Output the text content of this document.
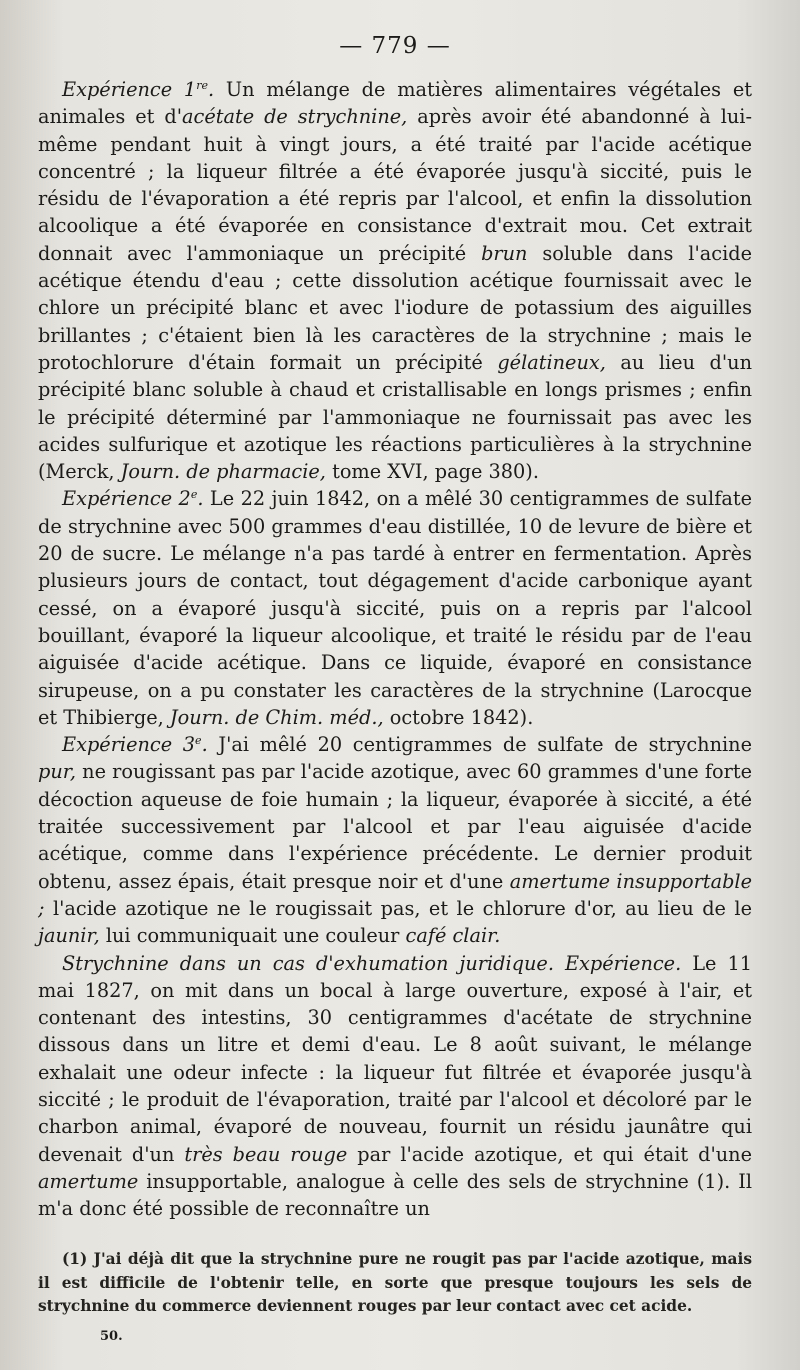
— 779 —

Expérience 1re. Un mélange de matières alimentaires végétales et animales et d'acétate de strychnine, après avoir été abandonné à lui-même pendant huit à vingt jours, a été traité par l'acide acétique concentré ; la liqueur filtrée a été évaporée jusqu'à siccité, puis le résidu de l'évaporation a été repris par l'alcool, et enfin la dissolution alcoolique a été évaporée en consistance d'extrait mou. Cet extrait donnait avec l'ammoniaque un précipité brun soluble dans l'acide acétique étendu d'eau ; cette dissolution acétique fournissait avec le chlore un précipité blanc et avec l'iodure de potassium des aiguilles brillantes ; c'étaient bien là les caractères de la strychnine ; mais le protochlorure d'étain formait un précipité gélatineux, au lieu d'un précipité blanc soluble à chaud et cristallisable en longs prismes ; enfin le précipité déterminé par l'ammoniaque ne fournissait pas avec les acides sulfurique et azotique les réactions particulières à la strychnine (Merck, Journ. de pharmacie, tome XVI, page 380).

Expérience 2e. Le 22 juin 1842, on a mêlé 30 centigrammes de sulfate de strychnine avec 500 grammes d'eau distillée, 10 de levure de bière et 20 de sucre. Le mélange n'a pas tardé à entrer en fermentation. Après plusieurs jours de contact, tout dégagement d'acide carbonique ayant cessé, on a évaporé jusqu'à siccité, puis on a repris par l'alcool bouillant, évaporé la liqueur alcoolique, et traité le résidu par de l'eau aiguisée d'acide acétique. Dans ce liquide, évaporé en consistance sirupeuse, on a pu constater les caractères de la strychnine (Larocque et Thibierge, Journ. de Chim. méd., octobre 1842).

Expérience 3e. J'ai mêlé 20 centigrammes de sulfate de strychnine pur, ne rougissant pas par l'acide azotique, avec 60 grammes d'une forte décoction aqueuse de foie humain ; la liqueur, évaporée à siccité, a été traitée successivement par l'alcool et par l'eau aiguisée d'acide acétique, comme dans l'expérience précédente. Le dernier produit obtenu, assez épais, était presque noir et d'une amertume insupportable ; l'acide azotique ne le rougissait pas, et le chlorure d'or, au lieu de le jaunir, lui communiquait une couleur café clair.

Strychnine dans un cas d'exhumation juridique. Expérience. Le 11 mai 1827, on mit dans un bocal à large ouverture, exposé à l'air, et contenant des intestins, 30 centigrammes d'acétate de strychnine dissous dans un litre et demi d'eau. Le 8 août suivant, le mélange exhalait une odeur infecte : la liqueur fut filtrée et évaporée jusqu'à siccité ; le produit de l'évaporation, traité par l'alcool et décoloré par le charbon animal, évaporé de nouveau, fournit un résidu jaunâtre qui devenait d'un très beau rouge par l'acide azotique, et qui était d'une amertume insupportable, analogue à celle des sels de strychnine (1). Il m'a donc été possible de reconnaître un

(1) J'ai déjà dit que la strychnine pure ne rougit pas par l'acide azotique, mais il est difficile de l'obtenir telle, en sorte que presque toujours les sels de strychnine du commerce deviennent rouges par leur contact avec cet acide.

50.
